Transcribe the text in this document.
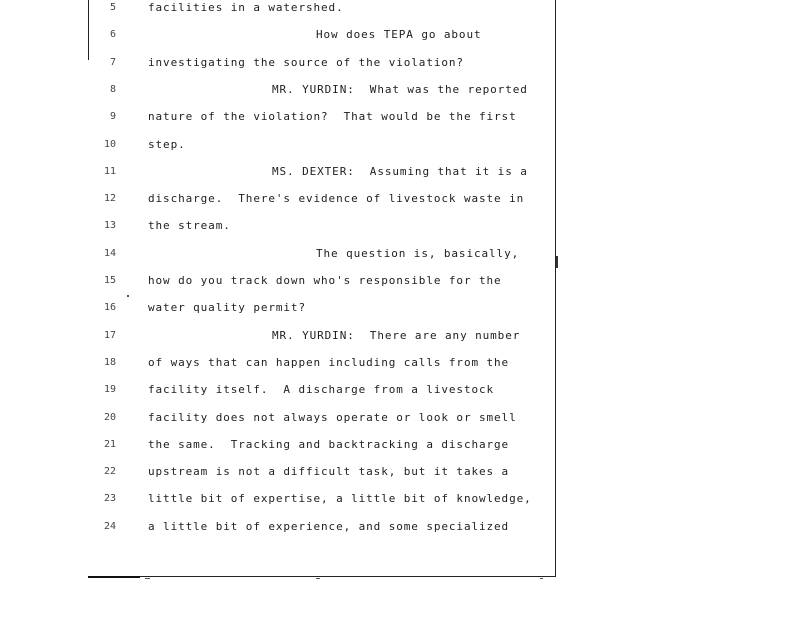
5	facilities in a watershed.
6	How does TEPA go about
7	investigating the source of the violation?
8	MR. YURDIN:  What was the reported
9	nature of the violation?  That would be the first
10	step.
11	MS. DEXTER:  Assuming that it is a
12	discharge.  There's evidence of livestock waste in
13	the stream.
14	The question is, basically,
15	how do you track down who's responsible for the
16	water quality permit?
17	MR. YURDIN:  There are any number
18	of ways that can happen including calls from the
19	facility itself.  A discharge from a livestock
20	facility does not always operate or look or smell
21	the same.  Tracking and backtracking a discharge
22	upstream is not a difficult task, but it takes a
23	little bit of expertise, a little bit of knowledge,
24	a little bit of experience, and some specialized
